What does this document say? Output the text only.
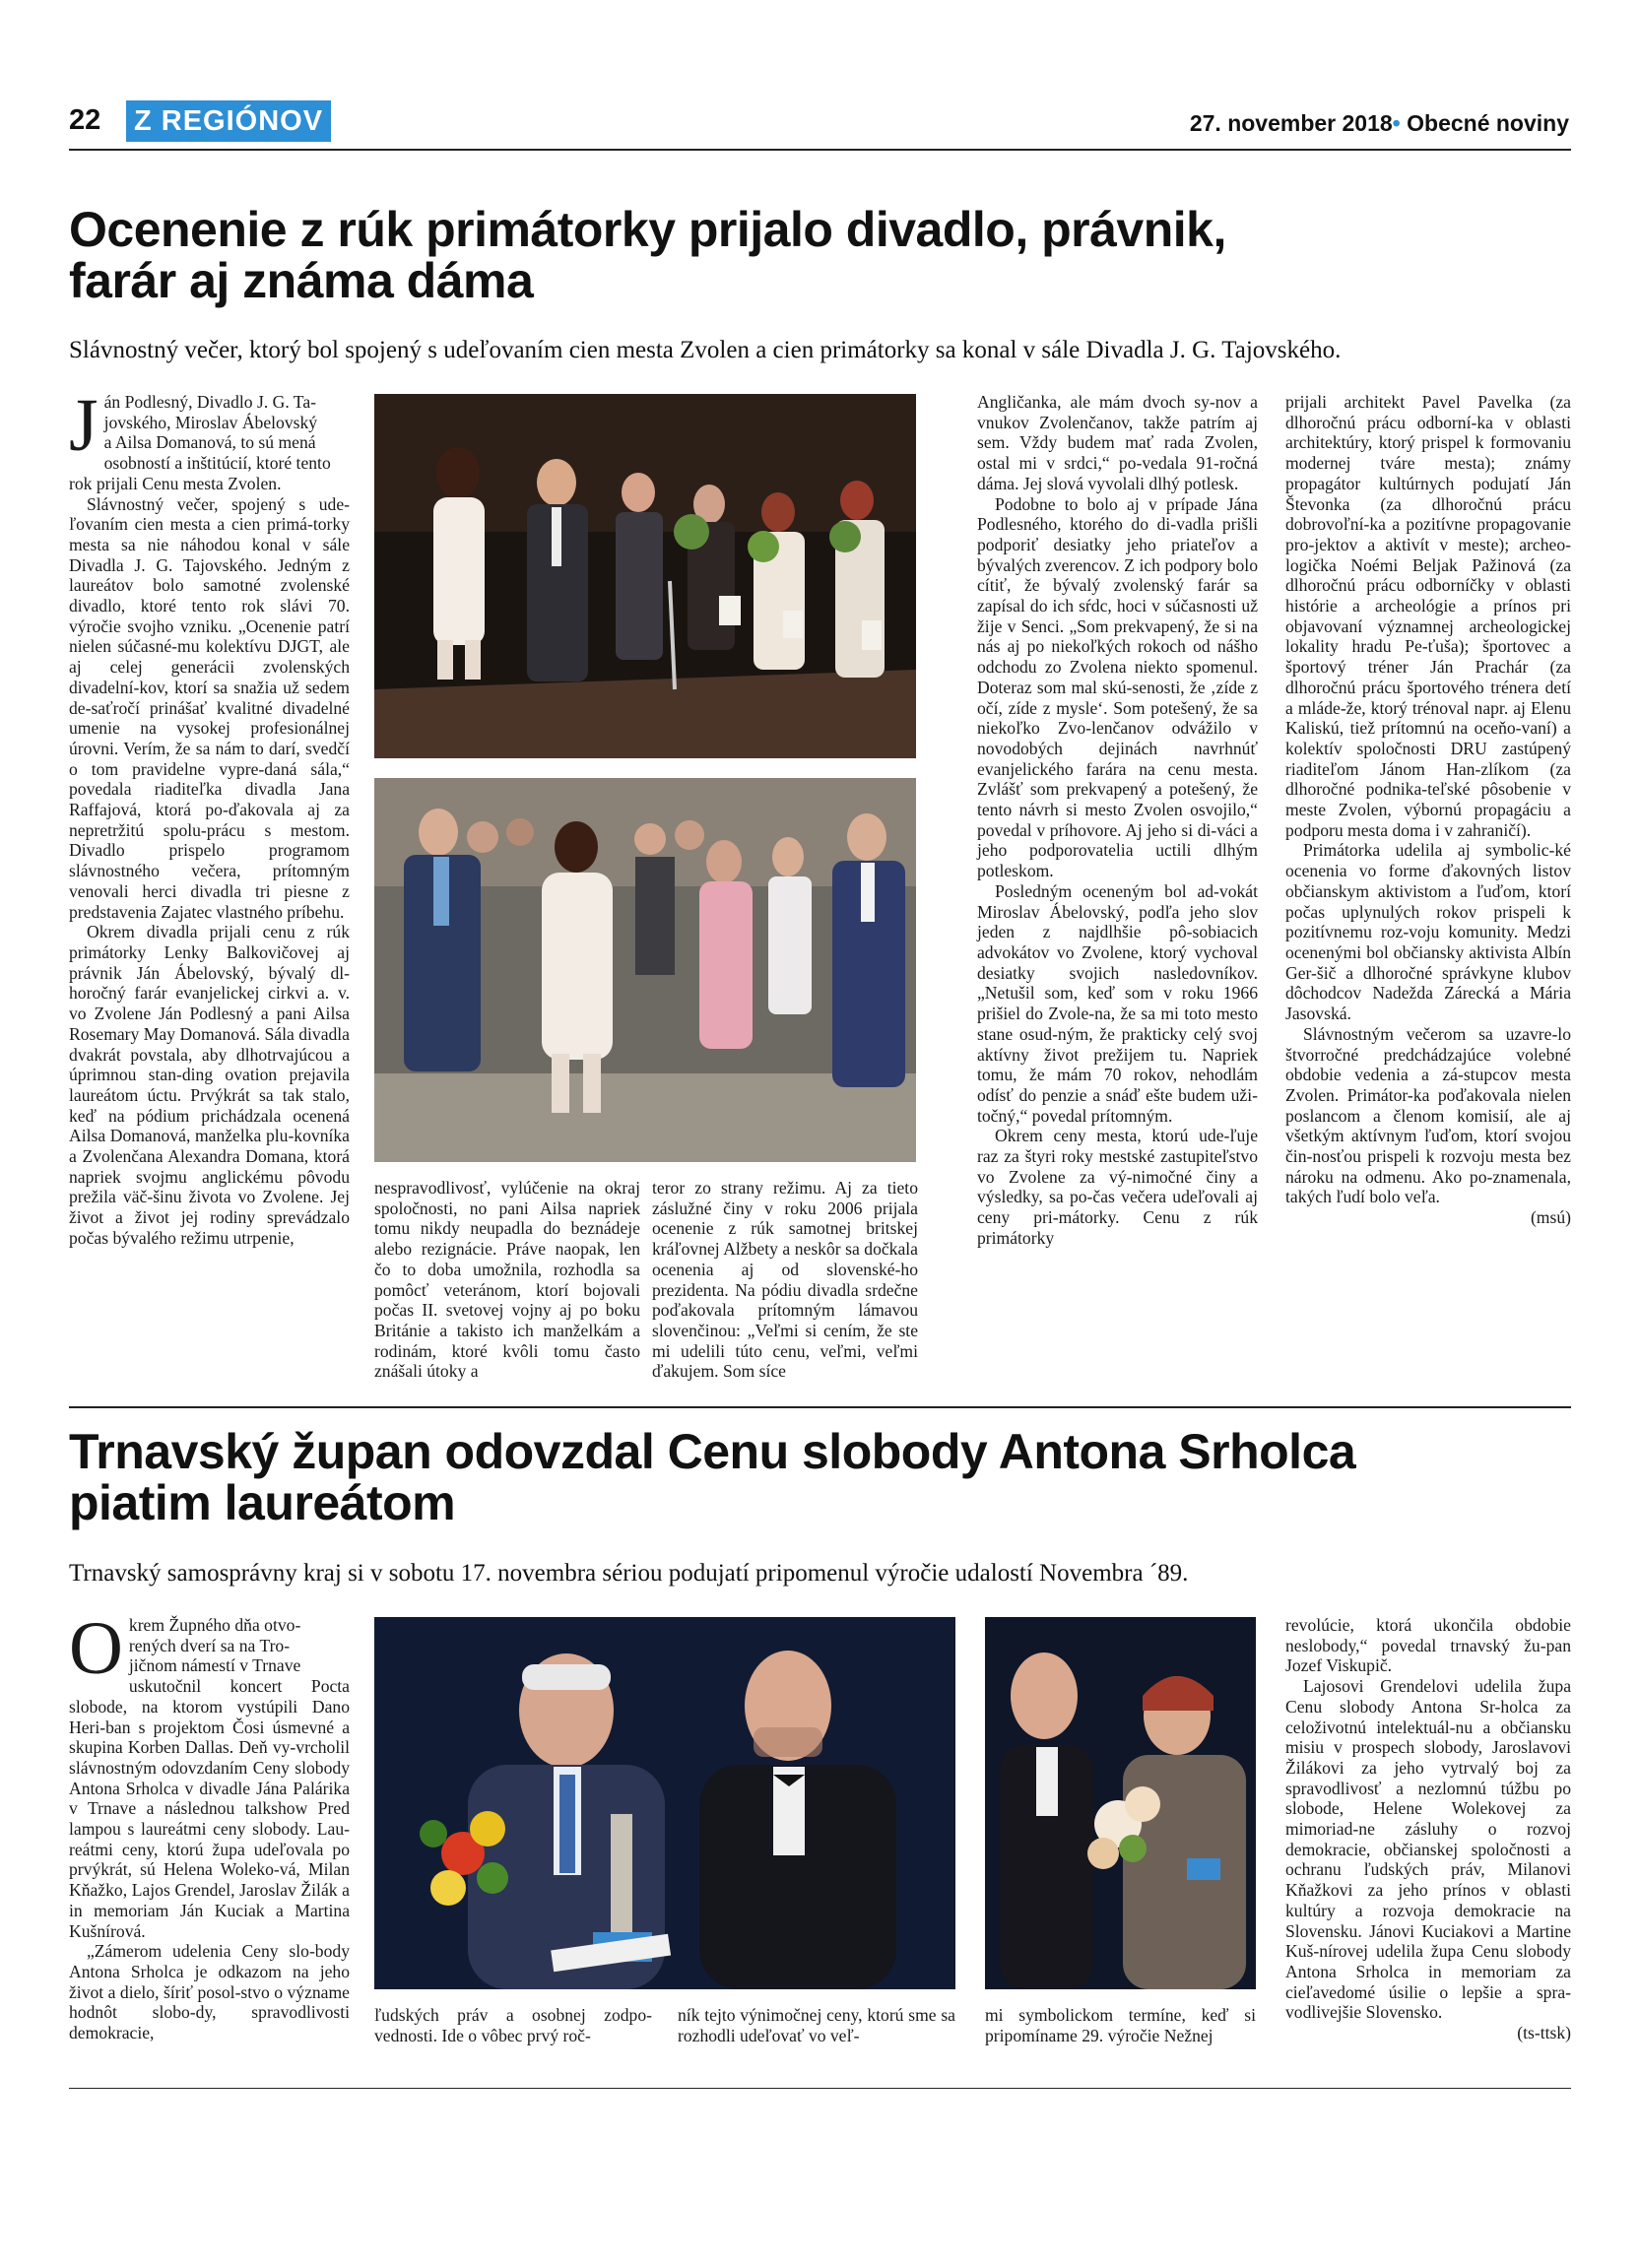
22 Z REGIÓNOV	27. november 2018• Obecné noviny
Ocenenie z rúk primátorky prijalo divadlo, právnik,
farár aj známa dáma
Slávnostný večer, ktorý bol spojený s udeľovaním cien mesta Zvolen a cien primátorky sa konal v sále Divadla J. G. Tajovského.
J án Podlesný, Divadlo J. G. Ta-
jovského, Miroslav Ábelovský
a Ailsa Domanová, to sú mená
osobností a inštitúcií, ktoré tento
rok prijali Cenu mesta Zvolen.

Slávnostný večer, spojený s ude-ľovaním cien mesta a cien primá-torky mesta sa nie náhodou konal v sále Divadla J. G. Tajovského. Jedným z laureátov bolo samotné zvolenské divadlo, ktoré tento rok slávi 70. výročie svojho vzniku. „Ocenenie patrí nielen súčasné-mu kolektívu DJGT, ale aj celej generácii zvolenských divadelní-kov, ktorí sa snažia už sedem de-saťročí prinášať kvalitné divadelné umenie na vysokej profesionálnej úrovni. Verím, že sa nám to darí, svedčí o tom pravidelne vypre-daná sála,“ povedala riaditeľka divadla Jana Raffajová, ktorá po-ďakovala aj za nepretržitú spolu-prácu s mestom. Divadlo prispelo programom slávnostného večera, prítomným venovali herci divadla tri piesne z predstavenia Zajatec vlastného príbehu.

Okrem divadla prijali cenu z rúk primátorky Lenky Balkovičovej aj právnik Ján Ábelovský, bývalý dl-horočný farár evanjelickej cirkvi a. v. vo Zvolene Ján Podlesný a pani Ailsa Rosemary May Domanová. Sála divadla dvakrát povstala, aby dlhotrvajúcou a úprimnou stan-ding ovation prejavila laureátom úctu. Prvýkrát sa tak stalo, keď na pódium prichádzala ocenená Ailsa Domanová, manželka plu-kovníka a Zvolenčana Alexandra Domana, ktorá napriek svojmu anglickému pôvodu prežila väč-šinu života vo Zvolene. Jej život a život jej rodiny sprevádzalo počas bývalého režimu utrpenie,

nespravodlivosť, vylúčenie na okraj spoločnosti, no pani Ailsa napriek tomu nikdy neupadla do beznádeje alebo rezignácie. Práve naopak, len čo to doba umožnila, rozhodla sa pomôcť veteránom, ktorí bojovali počas II. svetovej vojny aj po boku Británie a takisto ich manželkám a rodinám, ktoré kvôli tomu často znášali útoky a

teror zo strany režimu. Aj za tieto záslužné činy v roku 2006 prijala ocenenie z rúk samotnej britskej kráľovnej Alžbety a neskôr sa dočkala ocenenia aj od slovenské-ho prezidenta. Na pódiu divadla srdečne poďakovala prítomným lámavou slovenčinou: „Veľmi si cením, že ste mi udelili túto cenu, veľmi, veľmi ďakujem. Som síce

Angličanka, ale mám dvoch sy-nov a vnukov Zvolenčanov, takže patrím aj sem. Vždy budem mať rada Zvolen, ostal mi v srdci,“ po-vedala 91-ročná dáma. Jej slová vyvolali dlhý potlesk.

Podobne to bolo aj v prípade Jána Podlesného, ktorého do di-vadla prišli podporiť desiatky jeho priateľov a bývalých zverencov. Z ich podpory bolo cítiť, že bývalý zvolenský farár sa zapísal do ich sŕdc, hoci v súčasnosti už žije v Senci. „Som prekvapený, že si na nás aj po niekoľkých rokoch od nášho odchodu zo Zvolena niekto spomenul. Doteraz som mal skú-senosti, že ‚zíde z očí, zíde z mysle‘. Som potešený, že sa niekoľko Zvo-lenčanov odvážilo v novodobých dejinách navrhnúť evanjelického farára na cenu mesta. Zvlášť som prekvapený a potešený, že tento návrh si mesto Zvolen osvojilo,“ povedal v príhovore. Aj jeho si di-váci a jeho podporovatelia uctili dlhým potleskom.

Posledným oceneným bol ad-vokát Miroslav Ábelovský, podľa jeho slov jeden z najdlhšie pô-sobiacich advokátov vo Zvolene, ktorý vychoval desiatky svojich nasledovníkov. „Netušil som, keď som v roku 1966 prišiel do Zvole-na, že sa mi toto mesto stane osud-ným, že prakticky celý svoj aktívny život prežijem tu. Napriek tomu, že mám 70 rokov, nehodlám odísť do penzie a snáď ešte budem uži-točný,“ povedal prítomným.

Okrem ceny mesta, ktorú ude-ľuje raz za štyri roky mestské zastupiteľstvo vo Zvolene za vý-nimočné činy a výsledky, sa po-čas večera udeľovali aj ceny pri-mátorky. Cenu z rúk primátorky

prijali architekt Pavel Pavelka (za dlhoročnú prácu odborní-ka v oblasti architektúry, ktorý prispel k formovaniu modernej tváre mesta); známy propagátor kultúrnych podujatí Ján Števonka (za dlhoročnú prácu dobrovoľní-ka a pozitívne propagovanie pro-jektov a aktivít v meste); archeo-logička Noémi Beljak Pažinová (za dlhoročnú prácu odborníčky v oblasti histórie a archeológie a prínos pri objavovaní významnej archeologickej lokality hradu Pe-ťuša); športovec a športový tréner Ján Prachár (za dlhoročnú prácu športového trénera detí a mláde-že, ktorý trénoval napr. aj Elenu Kaliskú, tiež prítomnú na oceňo-vaní) a kolektív spoločnosti DRU zastúpený riaditeľom Jánom Han-zlíkom (za dlhoročné podnika-teľské pôsobenie v meste Zvolen, výbornú propagáciu a podporu mesta doma i v zahraničí).

Primátorka udelila aj symbolic-ké ocenenia vo forme ďakovných listov občianskym aktivistom a ľuďom, ktorí počas uplynulých rokov prispeli k pozitívnemu roz-voju komunity. Medzi ocenenými bol občiansky aktivista Albín Ger-šič a dlhoročné správkyne klubov dôchodcov Nadežda Zárecká a Mária Jasovská.

Slávnostným večerom sa uzavre-lo štvorročné predchádzajúce volebné obdobie vedenia a zá-stupcov mesta Zvolen. Primátor-ka poďakovala nielen poslancom a členom komisií, ale aj všetkým aktívnym ľuďom, ktorí svojou čin-nosťou prispeli k rozvoju mesta bez nároku na odmenu. Ako po-znamenala, takých ľudí bolo veľa.

(msú)
Trnavský župan odovzdal Cenu slobody Antona Srholca
piatim laureátom
Trnavský samosprávny kraj si v sobotu 17. novembra sériou podujatí pripomenul výročie udalostí Novembra ´89.
O krem Župného dňa otvo-
rených dverí sa na Tro-
jičnom námestí v Trnave

uskutočnil koncert Pocta slobode, na ktorom vystúpili Dano Heri-ban s projektom Čosi úsmevné a skupina Korben Dallas. Deň vy-vrcholil slávnostným odovzdaním Ceny slobody Antona Srholca v divadle Jána Palárika v Trnave a následnou talkshow Pred lampou s laureátmi ceny slobody. Lau-reátmi ceny, ktorú župa udeľovala po prvýkrát, sú Helena Woleko-vá, Milan Kňažko, Lajos Grendel, Jaroslav Žilák a in memoriam Ján Kuciak a Martina Kušnírová.

„Zámerom udelenia Ceny slo-body Antona Srholca je odkazom na jeho život a dielo, šíriť posol-stvo o význame hodnôt slobo-dy, spravodlivosti demokracie,

ľudských práv a osobnej zodpo-vednosti. Ide o vôbec prvý roč-

ník tejto výnimočnej ceny, ktorú sme sa rozhodli udeľovať vo veľ-

mi symbolickom termíne, keď si pripomíname 29. výročie Nežnej

revolúcie, ktorá ukončila obdobie neslobody,“ povedal trnavský žu-pan Jozef Viskupič.

Lajosovi Grendelovi udelila župa Cenu slobody Antona Sr-holca za celoživotnú intelektuál-nu a občiansku misiu v prospech slobody, Jaroslavovi Žilákovi za jeho vytrvalý boj za spravodlivosť a nezlomnú túžbu po slobode, Helene Wolekovej za mimoriad-ne zásluhy o rozvoj demokracie, občianskej spoločnosti a ochranu ľudských práv, Milanovi Kňažkovi za jeho prínos v oblasti kultúry a rozvoja demokracie na Slovensku. Jánovi Kuciakovi a Martine Kuš-nírovej udelila župa Cenu slobody Antona Srholca in memoriam za cieľavedomé úsilie o lepšie a spra-vodlivejšie Slovensko.

(ts-ttsk)
